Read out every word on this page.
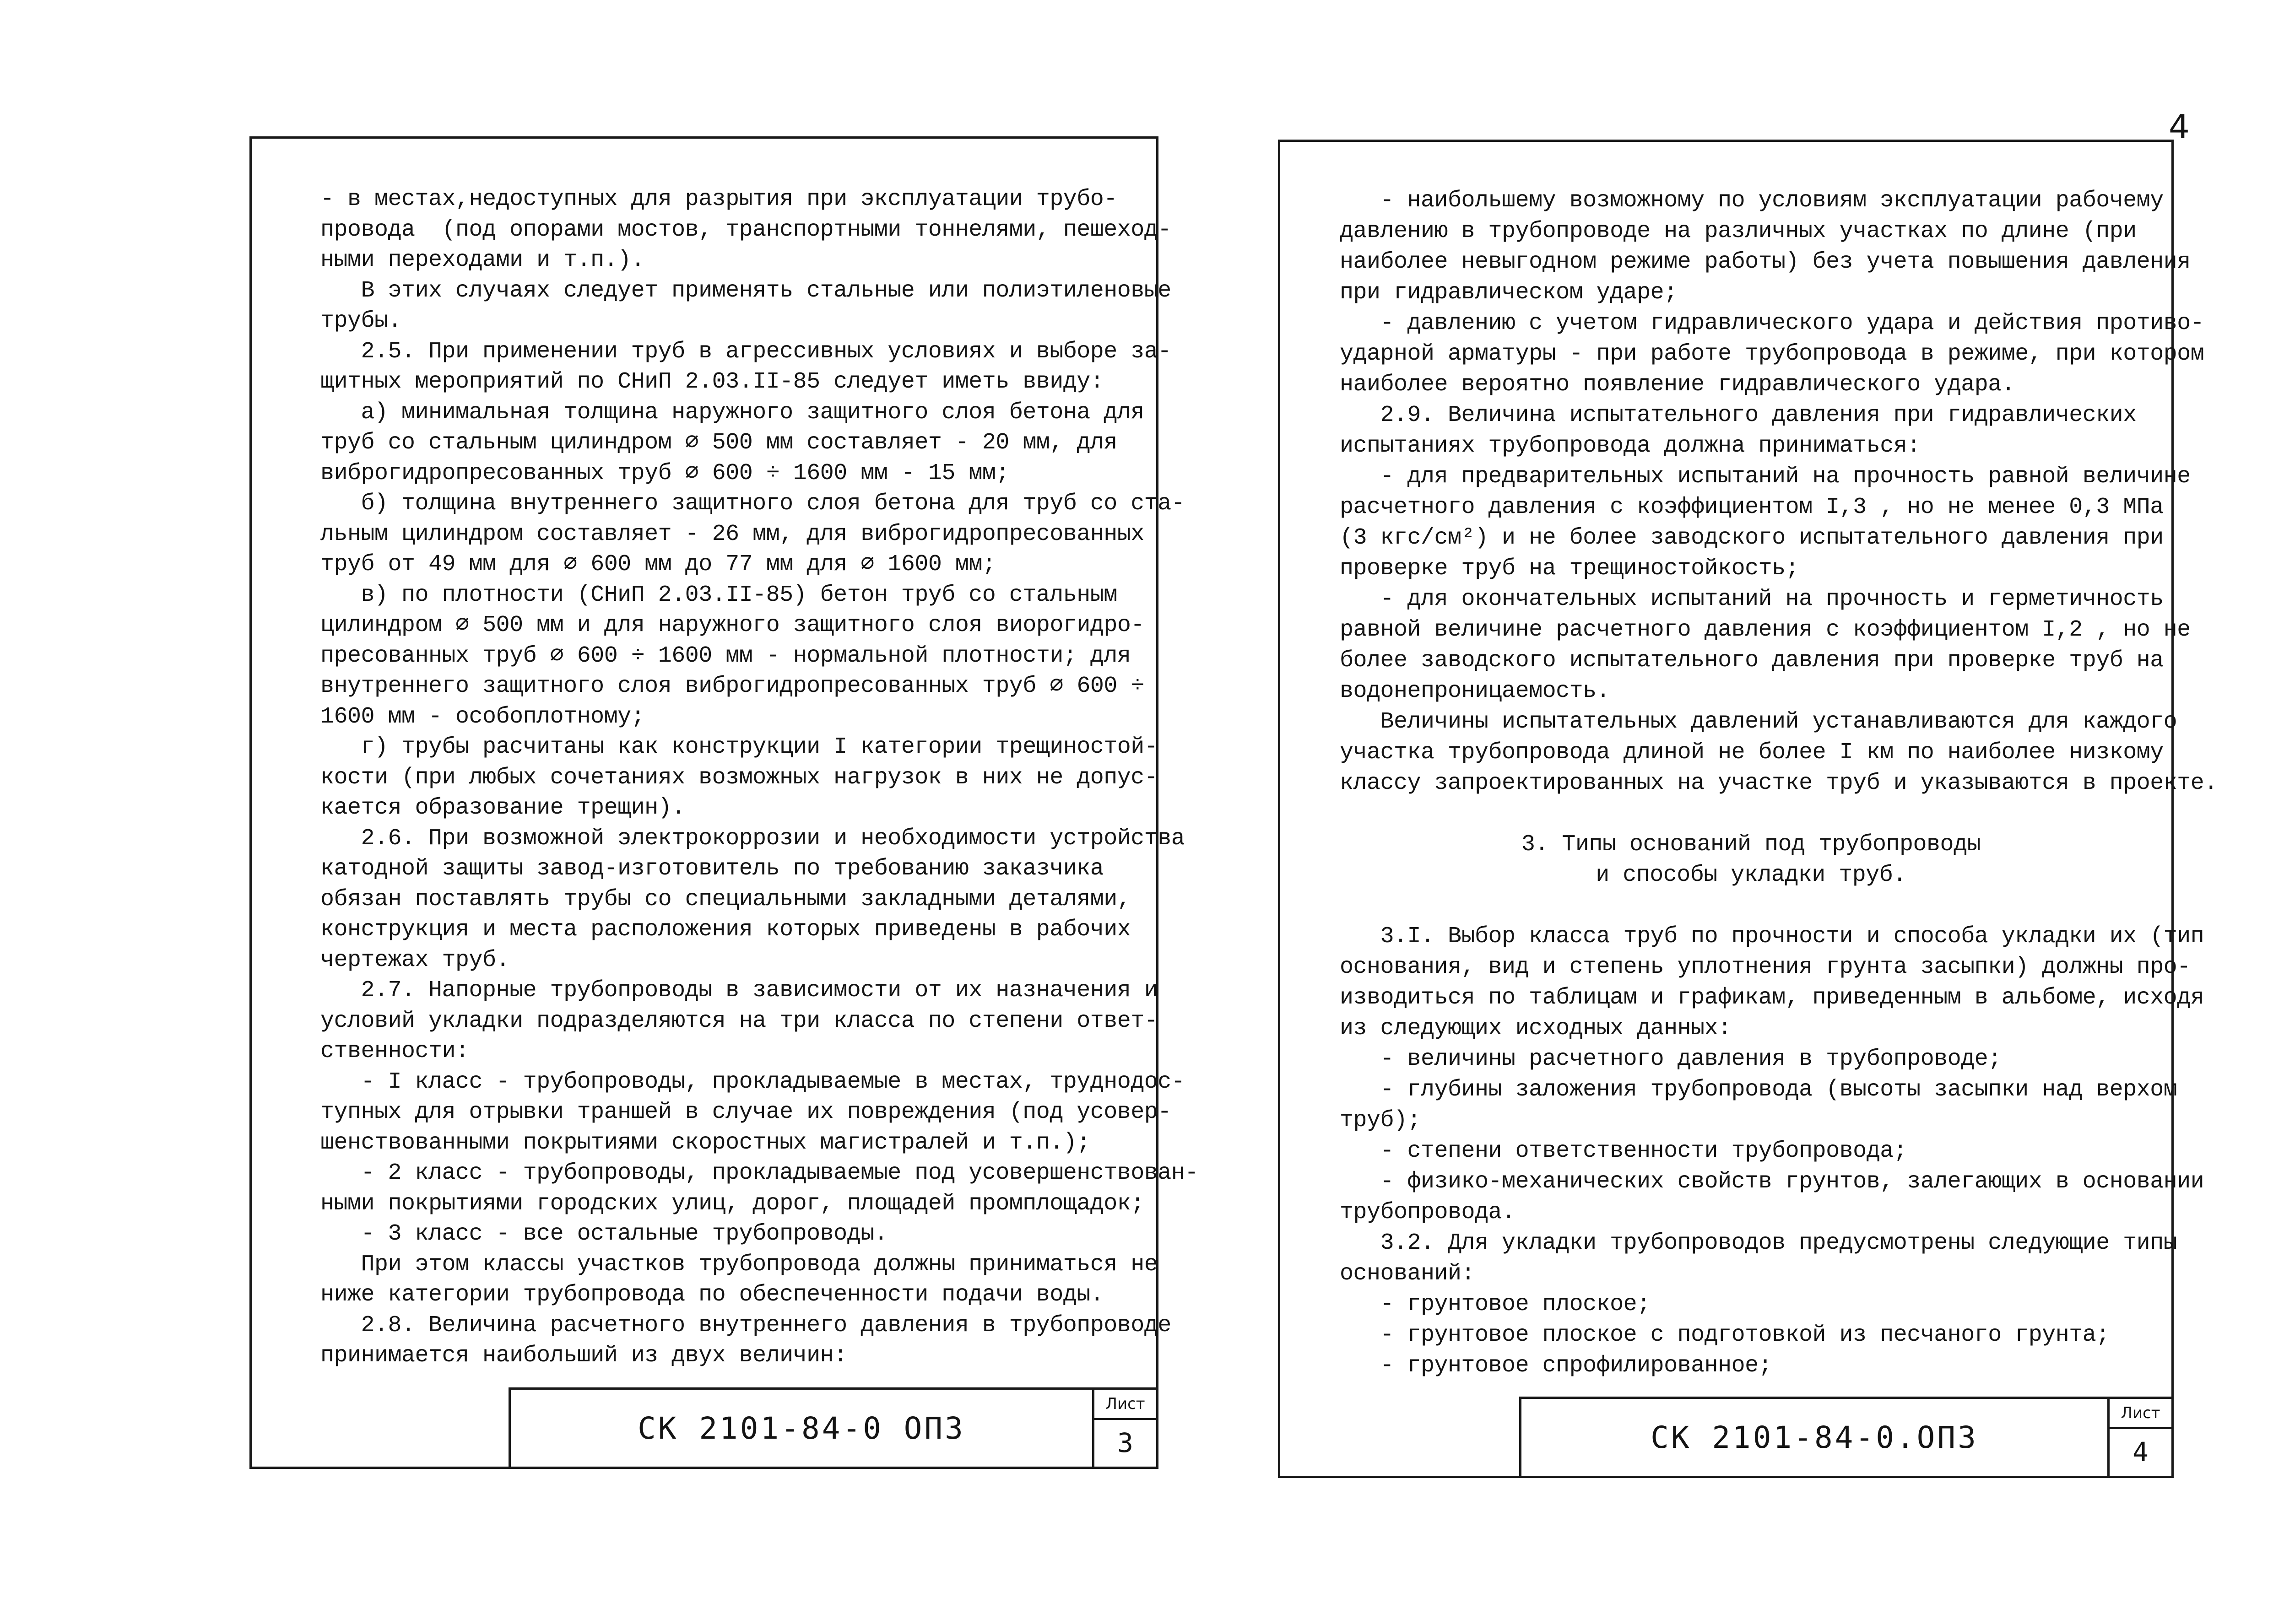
4
- в местах,недоступных для разрытия при эксплуатации трубо-
провода  (под опорами мостов, транспортными тоннелями, пешеход-
ными переходами и т.п.).
В этих случаях следует применять стальные или полиэтиленовые
трубы.
2.5. При применении труб в агрессивных условиях и выборе за-
щитных мероприятий по СНиП 2.03.II-85 следует иметь ввиду:
а) минимальная толщина наружного защитного слоя бетона для
труб со стальным цилиндром ∅ 500 мм составляет - 20 мм, для
виброгидропресованных труб ∅ 600 ÷ 1600 мм - 15 мм;
б) толщина внутреннего защитного слоя бетона для труб со ста-
льным цилиндром составляет - 26 мм, для виброгидропресованных
труб от 49 мм для ∅ 600 мм до 77 мм для ∅ 1600 мм;
в) по плотности (СНиП 2.03.II-85) бетон труб со стальным
цилиндром ∅ 500 мм и для наружного защитного слоя виорогидро-
пресованных труб ∅ 600 ÷ 1600 мм - нормальной плотности; для
внутреннего защитного слоя виброгидропресованных труб ∅ 600 ÷
1600 мм - особоплотному;
г) трубы расчитаны как конструкции I категории трещиностой-
кости (при любых сочетаниях возможных нагрузок в них не допус-
кается образование трещин).
2.6. При возможной электрокоррозии и необходимости устройства
катодной защиты завод-изготовитель по требованию заказчика
обязан поставлять трубы со специальными закладными деталями,
конструкция и места расположения которых приведены в рабочих
чертежах труб.
2.7. Напорные трубопроводы в зависимости от их назначения и
условий укладки подразделяются на три класса по степени ответ-
ственности:
- I класс - трубопроводы, прокладываемые в местах, труднодос-
тупных для отрывки траншей в случае их повреждения (под усовер-
шенствованными покрытиями скоростных магистралей и т.п.);
- 2 класс - трубопроводы, прокладываемые под усовершенствован-
ными покрытиями городских улиц, дорог, площадей промплощадок;
- 3 класс - все остальные трубопроводы.
При этом классы участков трубопровода должны приниматься не
ниже категории трубопровода по обеспеченности подачи воды.
2.8. Величина расчетного внутреннего давления в трубопроводе
принимается наибольший из двух величин:
СК 2101-84-0 ОПЗ
Лист
3
- наибольшему возможному по условиям эксплуатации рабочему
давлению в трубопроводе на различных участках по длине (при
наиболее невыгодном режиме работы) без учета повышения давления
при гидравлическом ударе;
- давлению с учетом гидравлического удара и действия противо-
ударной арматуры - при работе трубопровода в режиме, при котором
наиболее вероятно появление гидравлического удара.
2.9. Величина испытательного давления при гидравлических
испытаниях трубопровода должна приниматься:
- для предварительных испытаний на прочность равной величине
расчетного давления с коэффициентом I,3 , но не менее 0,3 МПа
(3 кгс/см²) и не более заводского испытательного давления при
проверке труб на трещиностойкость;
- для окончательных испытаний на прочность и герметичность
равной величине расчетного давления с коэффициентом I,2 , но не
более заводского испытательного давления при проверке труб на
водонепроницаемость.
Величины испытательных давлений устанавливаются для каждого
участка трубопровода длиной не более I км по наиболее низкому
классу запроектированных на участке труб и указываются в проекте.
3. Типы оснований под трубопроводы
и способы укладки труб.
3.I. Выбор класса труб по прочности и способа укладки их (тип
основания, вид и степень уплотнения грунта засыпки) должны про-
изводиться по таблицам и графикам, приведенным в альбоме, исходя
из следующих исходных данных:
- величины расчетного давления в трубопроводе;
- глубины заложения трубопровода (высоты засыпки над верхом
труб);
- степени ответственности трубопровода;
- физико-механических свойств грунтов, залегающих в основании
трубопровода.
3.2. Для укладки трубопроводов предусмотрены следующие типы
оснований:
- грунтовое плоское;
- грунтовое плоское с подготовкой из песчаного грунта;
- грунтовое спрофилированное;
СК 2101-84-0.ОПЗ
Лист
4
